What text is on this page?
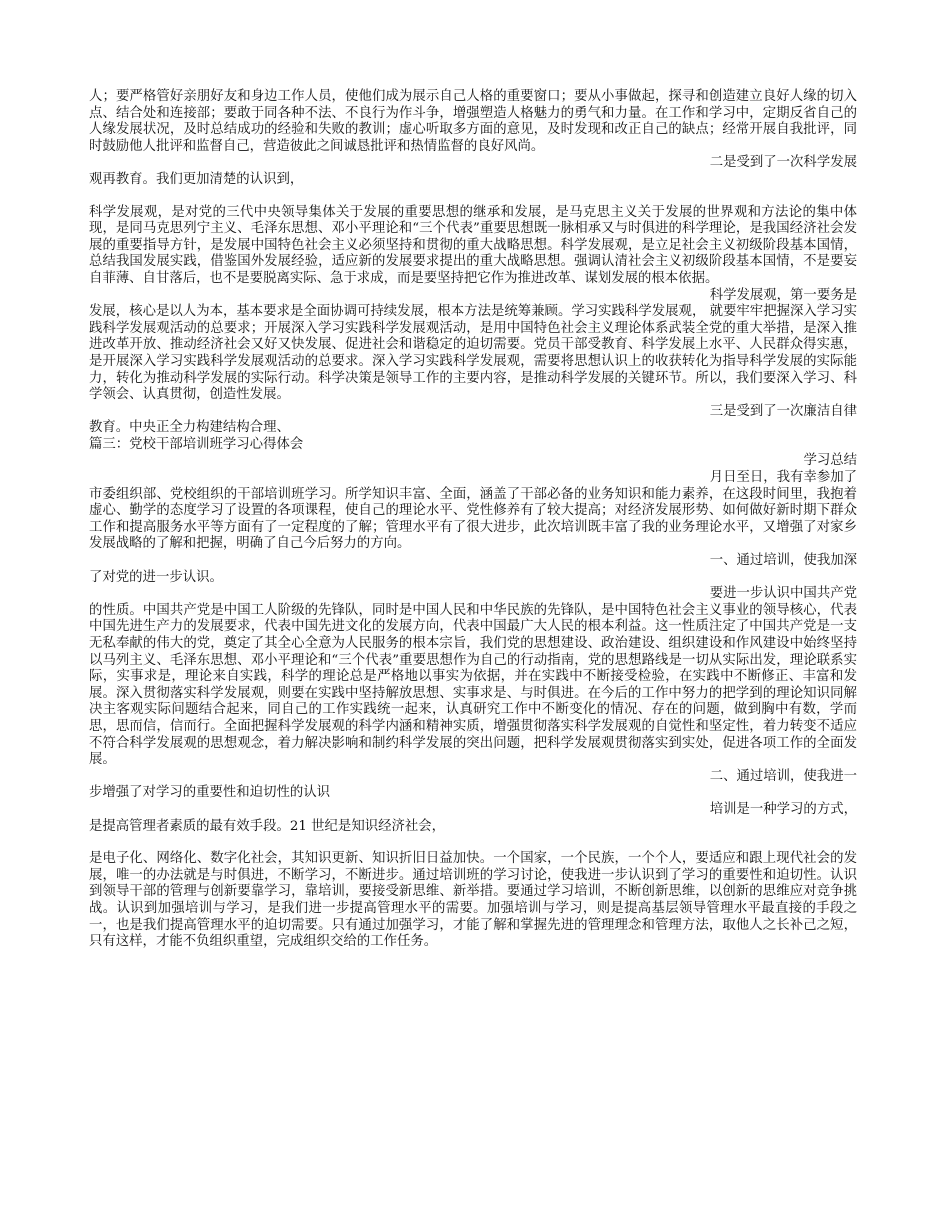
人；要严格管好亲朋好友和身边工作人员，使他们成为展示自己人格的重要窗口；要从小事做起，探寻和创造建立良好人缘的切入点、结合处和连接部；要敢于同各种不法、不良行为作斗争，增强塑造人格魅力的勇气和力量。在工作和学习中，定期反省自己的人缘发展状况，及时总结成功的经验和失败的教训；虚心听取多方面的意见，及时发现和改正自己的缺点；经常开展自我批评，同时鼓励他人批评和监督自己，营造彼此之间诚恳批评和热情监督的良好风尚。

二是受到了一次科学发展

观再教育。我们更加清楚的认识到，

科学发展观，是对党的三代中央领导集体关于发展的重要思想的继承和发展，是马克思主义关于发展的世界观和方法论的集中体现，是同马克思列宁主义、毛泽东思想、邓小平理论和“三个代表”重要思想既一脉相承又与时俱进的科学理论，是我国经济社会发展的重要指导方针，是发展中国特色社会主义必须坚持和贯彻的重大战略思想。科学发展观，是立足社会主义初级阶段基本国情，总结我国发展实践，借鉴国外发展经验，适应新的发展要求提出的重大战略思想。强调认清社会主义初级阶段基本国情，不是要妄自菲薄、自甘落后，也不是要脱离实际、急于求成，而是要坚持把它作为推进改革、谋划发展的根本依据。

科学发展观，第一要务是

发展，核心是以人为本，基本要求是全面协调可持续发展，根本方法是统筹兼顾。学习实践科学发展观， 就要牢牢把握深入学习实践科学发展观活动的总要求；开展深入学习实践科学发展观活动，是用中国特色社会主义理论体系武装全党的重大举措，是深入推进改革开放、推动经济社会又好又快发展、促进社会和谐稳定的迫切需要。党员干部受教育、科学发展上水平、人民群众得实惠，是开展深入学习实践科学发展观活动的总要求。深入学习实践科学发展观，需要将思想认识上的收获转化为指导科学发展的实际能力，转化为推动科学发展的实际行动。科学决策是领导工作的主要内容，是推动科学发展的关键环节。所以，我们要深入学习、科学领会、认真贯彻，创造性发展。

三是受到了一次廉洁自律

教育。中央正全力构建结构合理、

篇三：党校干部培训班学习心得体会

学习总结

月日至日，我有幸参加了

市委组织部、党校组织的干部培训班学习。所学知识丰富、全面，涵盖了干部必备的业务知识和能力素养，在这段时间里，我抱着虚心、勤学的态度学习了设置的各项课程，使自己的理论水平、党性修养有了较大提高；对经济发展形势、如何做好新时期下群众工作和提高服务水平等方面有了一定程度的了解；管理水平有了很大进步，此次培训既丰富了我的业务理论水平，又增强了对家乡发展战略的了解和把握，明确了自己今后努力的方向。

一、通过培训，使我加深

了对党的进一步认识。

要进一步认识中国共产党

的性质。中国共产党是中国工人阶级的先锋队，同时是中国人民和中华民族的先锋队，是中国特色社会主义事业的领导核心，代表中国先进生产力的发展要求，代表中国先进文化的发展方向，代表中国最广大人民的根本利益。这一性质注定了中国共产党是一支无私奉献的伟大的党，奠定了其全心全意为人民服务的根本宗旨，我们党的思想建设、政治建设、组织建设和作风建设中始终坚持以马列主义、毛泽东思想、邓小平理论和“三个代表”重要思想作为自己的行动指南，党的思想路线是一切从实际出发，理论联系实际，实事求是，理论来自实践，科学的理论总是严格地以事实为依据，并在实践中不断接受检验，在实践中不断修正、丰富和发展。深入贯彻落实科学发展观，则要在实践中坚持解放思想、实事求是、与时俱进。在今后的工作中努力的把学到的理论知识同解决主客观实际问题结合起来，同自己的工作实践统一起来，认真研究工作中不断变化的情况、存在的问题，做到胸中有数，学而思，思而信，信而行。全面把握科学发展观的科学内涵和精神实质，增强贯彻落实科学发展观的自觉性和坚定性，着力转变不适应不符合科学发展观的思想观念，着力解决影响和制约科学发展的突出问题，把科学发展观贯彻落实到实处，促进各项工作的全面发展。

二、通过培训，使我进一

步增强了对学习的重要性和迫切性的认识

培训是一种学习的方式，

是提高管理者素质的最有效手段。21 世纪是知识经济社会，

是电子化、网络化、数字化社会，其知识更新、知识折旧日益加快。一个国家，一个民族，一个个人，要适应和跟上现代社会的发展，唯一的办法就是与时俱进，不断学习，不断进步。通过培训班的学习讨论，使我进一步认识到了学习的重要性和迫切性。认识到领导干部的管理与创新要靠学习，靠培训，要接受新思维、新举措。要通过学习培训，不断创新思维，以创新的思维应对竞争挑战。认识到加强培训与学习，是我们进一步提高管理水平的需要。加强培训与学习，则是提高基层领导管理水平最直接的手段之一，也是我们提高管理水平的迫切需要。只有通过加强学习，才能了解和掌握先进的管理理念和管理方法，取他人之长补己之短，只有这样，才能不负组织重望，完成组织交给的工作任务。
